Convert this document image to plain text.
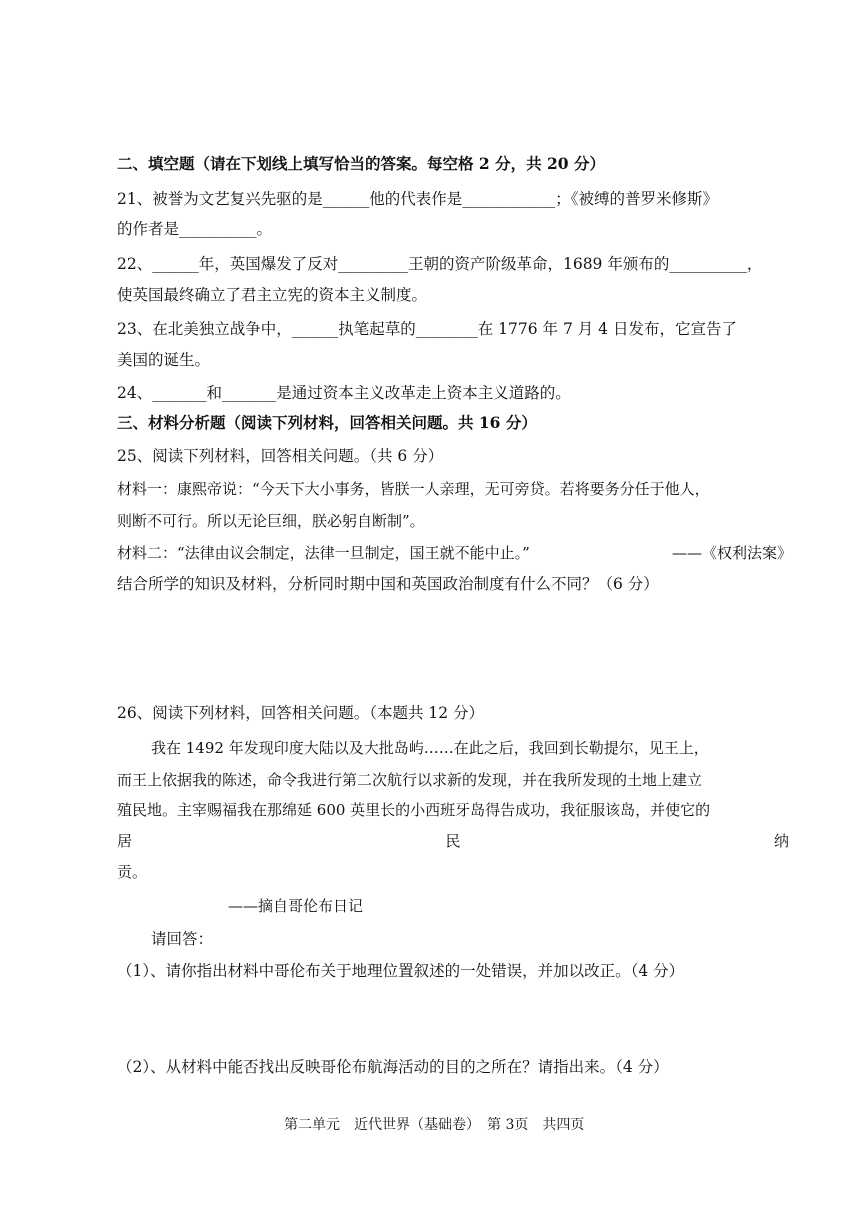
二、填空题（请在下划线上填写恰当的答案。每空格 2 分，共 20 分）
21、被誉为文艺复兴先驱的是______他的代表作是____________；《被缚的普罗米修斯》
的作者是__________。
22、______年，英国爆发了反对_________王朝的资产阶级革命，1689 年颁布的__________，
使英国最终确立了君主立宪的资本主义制度。
23、在北美独立战争中，______执笔起草的________在 1776 年 7 月 4 日发布，它宣告了
美国的诞生。
24、_______和_______是通过资本主义改革走上资本主义道路的。
三、材料分析题（阅读下列材料，回答相关问题。共 16 分）
25、阅读下列材料，回答相关问题。（共 6 分）
材料一：康熙帝说：“今天下大小事务，皆朕一人亲理，无可旁贷。若将要务分任于他人，
则断不可行。所以无论巨细，朕必躬自断制”。
材料二：“法律由议会制定，法律一旦制定，国王就不能中止。”	——《权利法案》
结合所学的知识及材料，分析同时期中国和英国政治制度有什么不同？（6 分）
26、阅读下列材料，回答相关问题。（本题共 12 分）
我在 1492 年发现印度大陆以及大批岛屿……在此之后，我回到长勒提尔，见王上，
而王上依据我的陈述，命令我进行第二次航行以求新的发现，并在我所发现的土地上建立
殖民地。主宰赐福我在那绵延 600 英里长的小西班牙岛得告成功，我征服该岛，并使它的
居	民	纳
贡。
——摘自哥伦布日记
请回答：
（1）、请你指出材料中哥伦布关于地理位置叙述的一处错误，并加以改正。（4 分）
（2）、从材料中能否找出反映哥伦布航海活动的目的之所在？请指出来。（4 分）
第二单元　近代世界（基础卷）　第 3页　共四页
